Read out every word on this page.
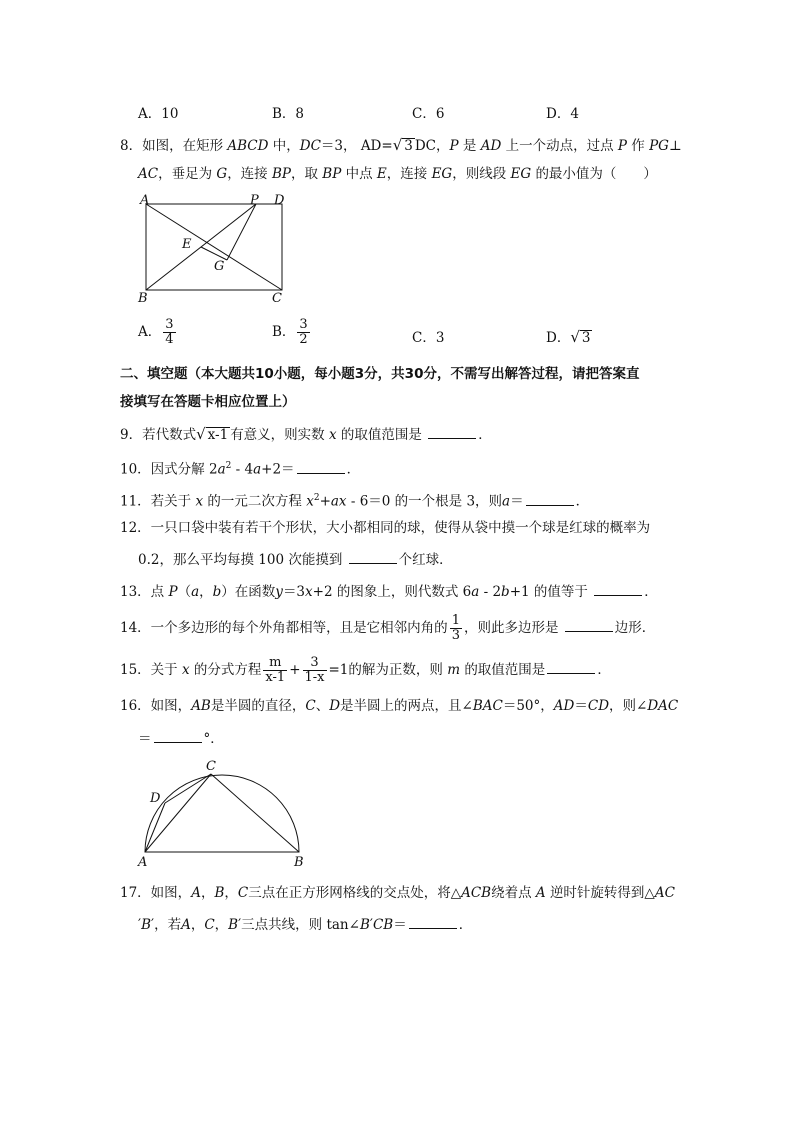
A．10	B．8	C．6	D．4
8．如图，在矩形 ABCD 中，DC＝3， AD=√ 3 DC，P 是 AD 上一个动点，过点 P 作 PG⊥
AC，垂足为 G，连接 BP，取 BP 中点 E，连接 EG，则线段 EG 的最小值为（　　）
A	P D
E
G
B	C
A． $\frac{3}{4}$	B． $\frac{3}{2}$	C．3	D．√ 3
二、填空题（本大题共10小题，每小题3分，共30分，不需写出解答过程，请把答案直
接填写在答题卡相应位置上）
9．若代数式√ x-1 有意义，则实数 x 的取值范围是	．
10．因式分解 $2a^2 - 4a+2=$	．
11．若关于 x 的一元二次方程 $x^2+ax - 6=0$ 的一个根是 3，则a＝	．
12．一只口袋中装有若干个形状，大小都相同的球，使得从袋中摸一个球是红球的概率为
0.2，那么平均每摸 100 次能摸到	个红球．
13．点 P（a，b）在函数y＝3x+2 的图象上，则代数式 6a - 2b+1 的值等于	．
14．一个多边形的每个外角都相等，且是它相邻内角的 $\frac{1}{3}$ ，则此多边形是	边形．
15．关于 x 的分式方程 $\frac{m}{x-1} + \frac{3}{1-x} =1$的解为正数，则 m 的取值范围是	．
16．如图，AB是半圆的直径，C、D是半圆上的两点，且∠BAC＝50°，AD＝CD，则∠DAC
＝	°．
C
D
A	B
17．如图，A，B，C三点在正方形网格线的交点处，将△ACB绕着点 A 逆时针旋转得到△AC
′B′，若A，C，B′三点共线，则 tan∠B′CB＝	．
